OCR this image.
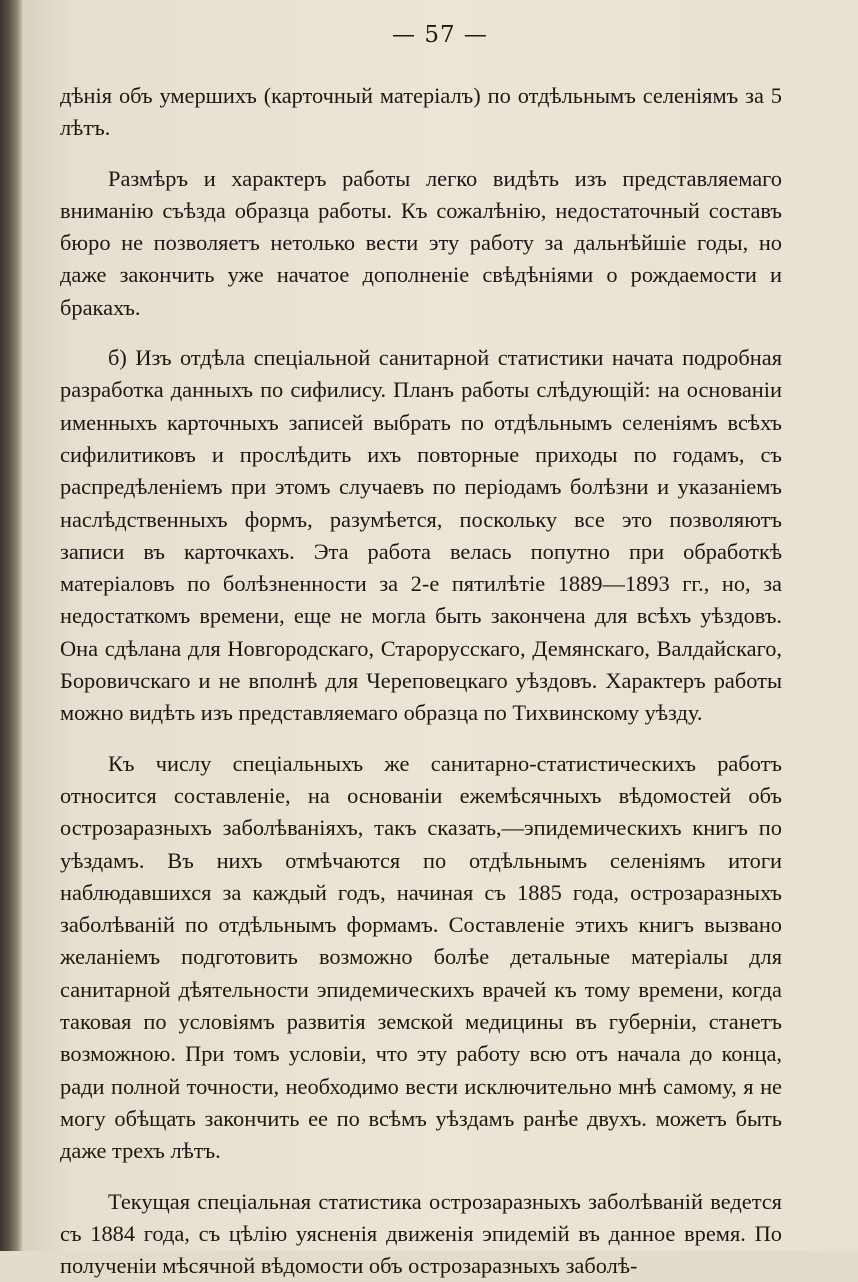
— 57 —

дѣнія объ умершихъ (карточный матеріалъ) по отдѣльнымъ селеніямъ за 5 лѣтъ.

Размѣръ и характеръ работы легко видѣть изъ представляемаго вниманію съѣзда образца работы. Къ сожалѣнію, недостаточный составъ бюро не позволяетъ нетолько вести эту работу за дальнѣйшіе годы, но даже закончить уже начатое дополненіе свѣдѣніями о рождаемости и бракахъ.

б) Изъ отдѣла спеціальной санитарной статистики начата подробная разработка данныхъ по сифилису. Планъ работы слѣдующій: на основаніи именныхъ карточныхъ записей выбрать по отдѣльнымъ селеніямъ всѣхъ сифилитиковъ и прослѣдить ихъ повторные приходы по годамъ, съ распредѣленіемъ при этомъ случаевъ по періодамъ болѣзни и указаніемъ наслѣдственныхъ формъ, разумѣется, поскольку все это позволяютъ записи въ карточкахъ. Эта работа велась попутно при обработкѣ матеріаловъ по болѣзненности за 2-е пятилѣтіе 1889—1893 гг., но, за недостаткомъ времени, еще не могла быть закончена для всѣхъ уѣздовъ. Она сдѣлана для Новгородскаго, Старорусскаго, Демянскаго, Валдайскаго, Боровичскаго и не вполнѣ для Череповецкаго уѣздовъ. Характеръ работы можно видѣть изъ представляемаго образца по Тихвинскому уѣзду.

Къ числу спеціальныхъ же санитарно-статистическихъ работъ относится составленіе, на основаніи ежемѣсячныхъ вѣдомостей объ острозаразныхъ заболѣваніяхъ, такъ сказать,—эпидемическихъ книгъ по уѣздамъ. Въ нихъ отмѣчаются по отдѣльнымъ селеніямъ итоги наблюдавшихся за каждый годъ, начиная съ 1885 года, острозаразныхъ заболѣваній по отдѣльнымъ формамъ. Составленіе этихъ книгъ вызвано желаніемъ подготовить возможно болѣе детальные матеріалы для санитарной дѣятельности эпидемическихъ врачей къ тому времени, когда таковая по условіямъ развитія земской медицины въ губерніи, станетъ возможною. При томъ условіи, что эту работу всю отъ начала до конца, ради полной точности, необходимо вести исключительно мнѣ самому, я не могу обѣщать закончить ее по всѣмъ уѣздамъ ранѣе двухъ. можетъ быть даже трехъ лѣтъ.

Текущая спеціальная статистика острозаразныхъ заболѣваній ведется съ 1884 года, съ цѣлію уясненія движенія эпидемій въ данное время. По полученіи мѣсячной вѣдомости объ острозаразныхъ заболѣ-
